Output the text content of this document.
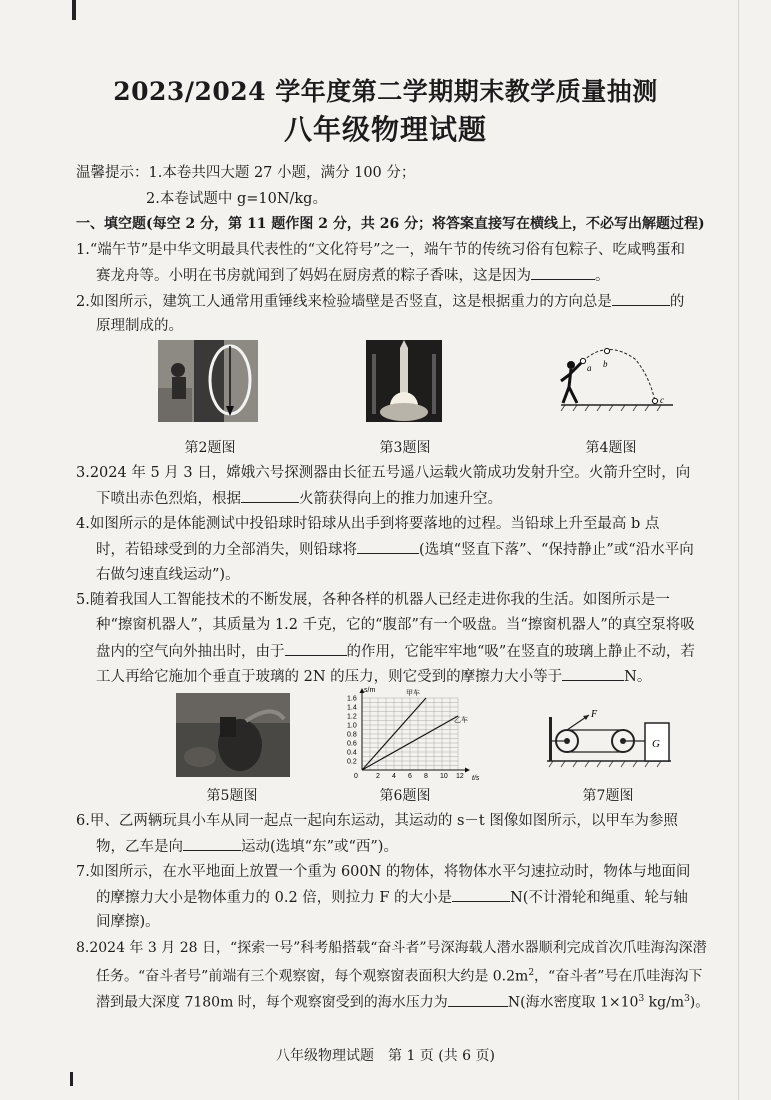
2023/2024 学年度第二学期期末教学质量抽测
八年级物理试题
温馨提示：1.本卷共四大题 27 小题，满分 100 分；
2.本卷试题中 g=10N/kg。
一、填空题(每空 2 分，第 11 题作图 2 分，共 26 分；将答案直接写在横线上，不必写出解题过程)
1.“端午节”是中华文明最具代表性的“文化符号”之一，端午节的传统习俗有包粽子、吃咸鸭蛋和
赛龙舟等。小明在书房就闻到了妈妈在厨房煮的粽子香味，这是因为	。
2.如图所示，建筑工人通常用重锤线来检验墙壁是否竖直，这是根据重力的方向总是	的
原理制成的。
第2题图	第3题图
a b
c
第4题图
3.2024 年 5 月 3 日，嫦娥六号探测器由长征五号遥八运载火箭成功发射升空。火箭升空时，向
下喷出赤色烈焰，根据	火箭获得向上的推力加速升空。
4.如图所示的是体能测试中投铅球时铅球从出手到将要落地的过程。当铅球上升至最高 b 点
时，若铅球受到的力全部消失，则铅球将	(选填“竖直下落”、“保持静止”或“沿水平向
右做匀速直线运动”)。
5.随着我国人工智能技术的不断发展，各种各样的机器人已经走进你我的生活。如图所示是一
种“擦窗机器人”，其质量为 1.2 千克，它的“腹部”有一个吸盘。当“擦窗机器人”的真空泵将吸
盘内的空气向外抽出时，由于	的作用，它能牢牢地“吸”在竖直的玻璃上静止不动，若
工人再给它施加个垂直于玻璃的 2N 的压力，则它受到的摩擦力大小等于	N。
第5题图
s/m
t/s
甲车
乙车
0	2 4 6 8 10 12
0.2
0.4
0.6
0.8
1.0
1.2
1.4
1.6
第6题图
F
G
第7题图
6.甲、乙两辆玩具小车从同一起点一起向东运动，其运动的 s－t 图像如图所示，以甲车为参照
物，乙车是向	运动(选填“东”或“西”)。
7.如图所示，在水平地面上放置一个重为 600N 的物体，将物体水平匀速拉动时，物体与地面间
的摩擦力大小是物体重力的 0.2 倍，则拉力 F 的大小是	N(不计滑轮和绳重、轮与轴
间摩擦)。
8.2024 年 3 月 28 日，“探索一号”科考船搭载“奋斗者”号深海载人潜水器顺利完成首次爪哇海沟深潜
任务。“奋斗者号”前端有三个观察窗，每个观察窗表面积大约是 $0.2m^2$，“奋斗者”号在爪哇海沟下
潜到最大深度 7180m 时，每个观察窗受到的海水压力为	N(海水密度取 $1\times 10^3$ $kg/m^3$)。
八年级物理试题　第 1 页 (共 6 页)
